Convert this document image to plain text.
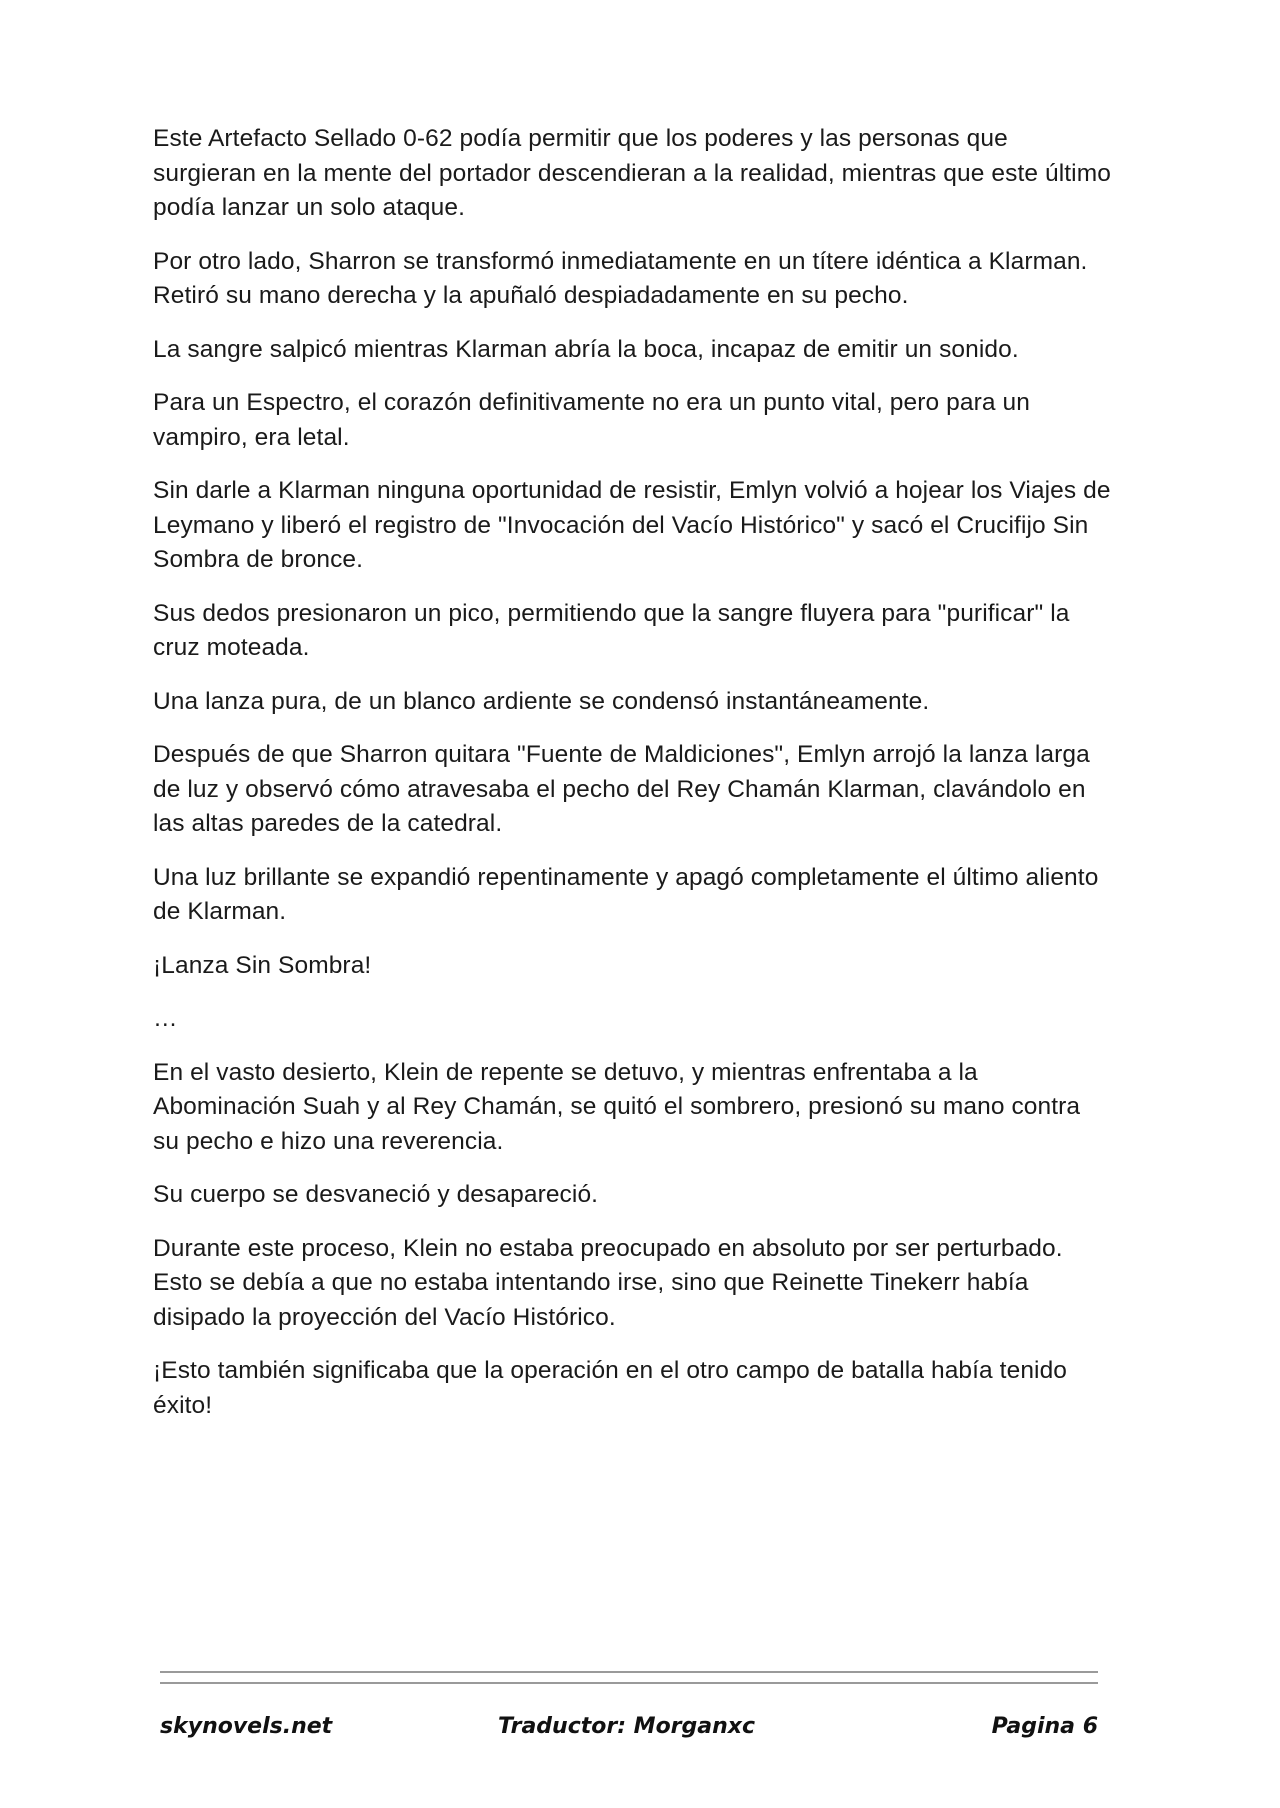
Este Artefacto Sellado 0-62 podía permitir que los poderes y las personas que surgieran en la mente del portador descendieran a la realidad, mientras que este último podía lanzar un solo ataque.

Por otro lado, Sharron se transformó inmediatamente en un títere idéntica a Klarman. Retiró su mano derecha y la apuñaló despiadadamente en su pecho.

La sangre salpicó mientras Klarman abría la boca, incapaz de emitir un sonido.

Para un Espectro, el corazón definitivamente no era un punto vital, pero para un vampiro, era letal.

Sin darle a Klarman ninguna oportunidad de resistir, Emlyn volvió a hojear los Viajes de Leymano y liberó el registro de "Invocación del Vacío Histórico" y sacó el Crucifijo Sin Sombra de bronce.

Sus dedos presionaron un pico, permitiendo que la sangre fluyera para "purificar" la cruz moteada.

Una lanza pura, de un blanco ardiente se condensó instantáneamente.

Después de que Sharron quitara "Fuente de Maldiciones", Emlyn arrojó la lanza larga de luz y observó cómo atravesaba el pecho del Rey Chamán Klarman, clavándolo en las altas paredes de la catedral.

Una luz brillante se expandió repentinamente y apagó completamente el último aliento de Klarman.

¡Lanza Sin Sombra!

…

En el vasto desierto, Klein de repente se detuvo, y mientras enfrentaba a la Abominación Suah y al Rey Chamán, se quitó el sombrero, presionó su mano contra su pecho e hizo una reverencia.

Su cuerpo se desvaneció y desapareció.

Durante este proceso, Klein no estaba preocupado en absoluto por ser perturbado. Esto se debía a que no estaba intentando irse, sino que Reinette Tinekerr había disipado la proyección del Vacío Histórico.

¡Esto también significaba que la operación en el otro campo de batalla había tenido éxito!

skynovels.net	Traductor: Morganxc	Pagina 6
